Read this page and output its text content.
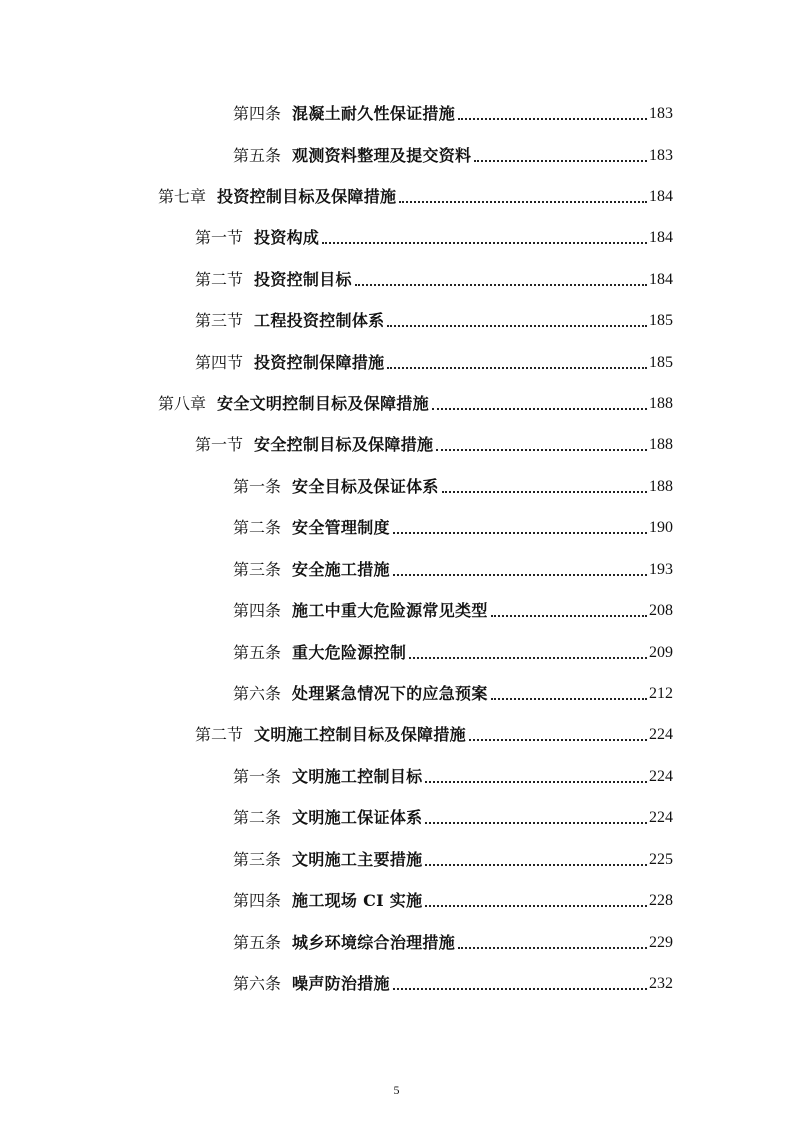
第四条 混凝土耐久性保证措施	183
第五条 观测资料整理及提交资料	183
第七章 投资控制目标及保障措施	184
第一节 投资构成	184
第二节 投资控制目标	184
第三节 工程投资控制体系	185
第四节 投资控制保障措施	185
第八章 安全文明控制目标及保障措施	188
第一节 安全控制目标及保障措施	188
第一条 安全目标及保证体系	188
第二条 安全管理制度	190
第三条 安全施工措施	193
第四条 施工中重大危险源常见类型	208
第五条 重大危险源控制	209
第六条 处理紧急情况下的应急预案	212
第二节 文明施工控制目标及保障措施	224
第一条 文明施工控制目标	224
第二条 文明施工保证体系	224
第三条 文明施工主要措施	225
第四条 施工现场 CI 实施	228
第五条 城乡环境综合治理措施	229
第六条 噪声防治措施	232
5
